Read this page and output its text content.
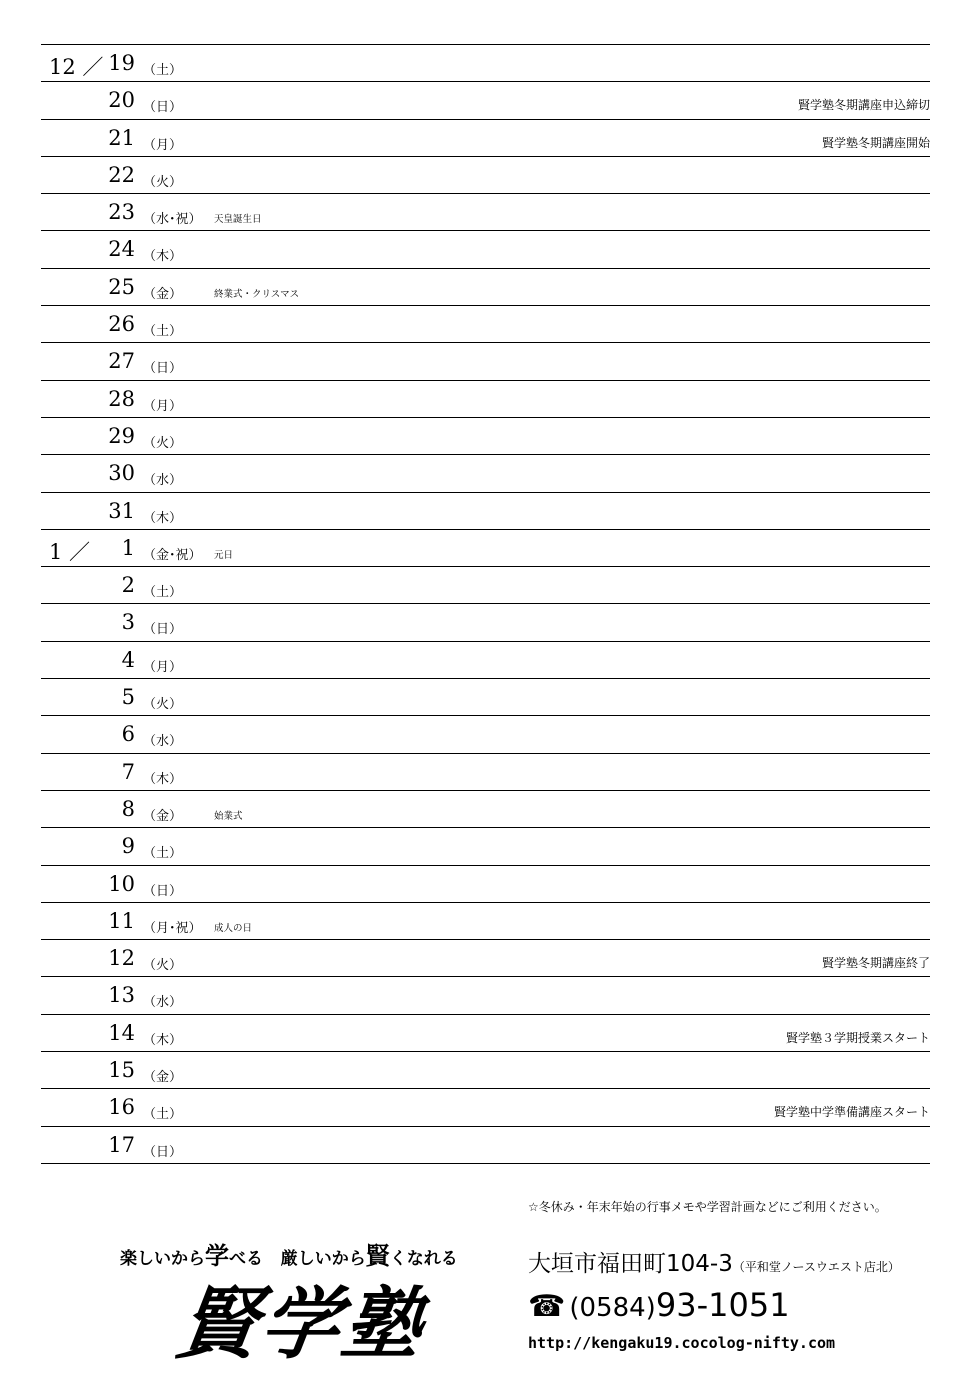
12 ／ 19 （土）
20 （日）	賢学塾冬期講座申込締切
21 （月）	賢学塾冬期講座開始
22 （火）
23 （水･祝） 天皇誕生日
24 （木）
25 （金）	終業式・クリスマス
26 （土）
27 （日）
28 （月）
29 （火）
30 （水）
31 （木）
1 ／ 1 （金･祝） 元日
2 （土）
3 （日）
4 （月）
5 （火）
6 （水）
7 （木）
8 （金）	始業式
9 （土）
10 （日）
11 （月･祝） 成人の日
12 （火）	賢学塾冬期講座終了
13 （水）
14 （木）	賢学塾３学期授業スタート
15 （金）
16 （土）	賢学塾中学準備講座スタート
17 （日）
☆冬休み・年末年始の行事メモや学習計画などにご利用ください。
楽しいから学べる 厳しいから賢くなれる
賢学塾
大垣市福田町104-3（平和堂ノースウエスト店北）
☎ (0584)93-1051
http://kengaku19.cocolog-nifty.com
